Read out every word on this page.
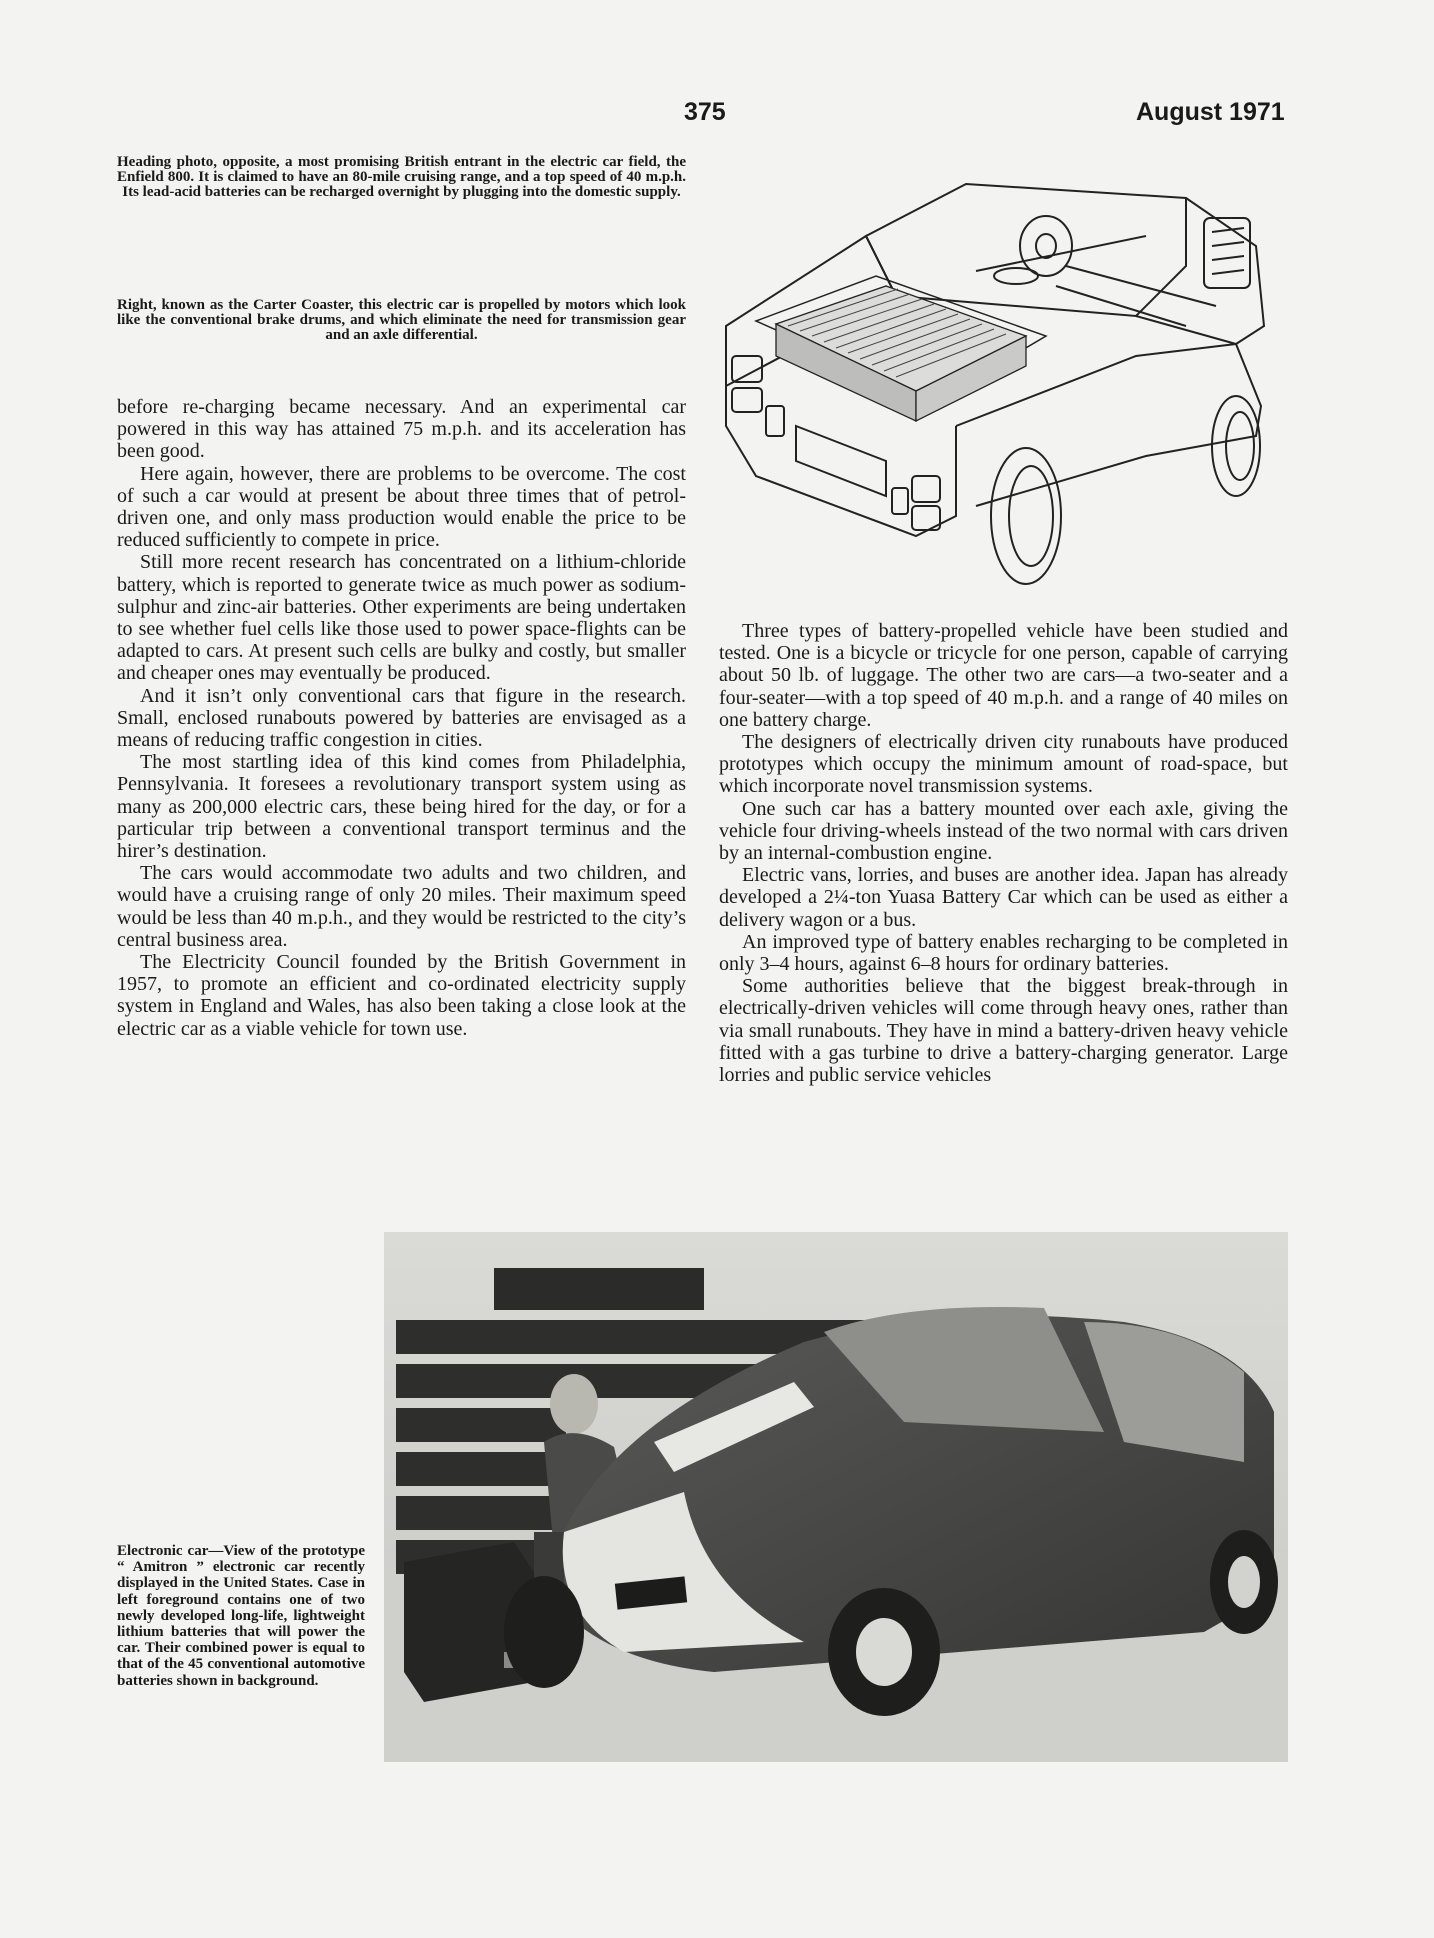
375	August 1971
Heading photo, opposite, a most promising British entrant in the electric car field, the Enfield 800. It is claimed to have an 80-mile cruising range, and a top speed of 40 m.p.h. Its lead-acid batteries can be recharged overnight by plugging into the domestic supply.
Right, known as the Carter Coaster, this electric car is propelled by motors which look like the conventional brake drums, and which eliminate the need for transmission gear and an axle differential.

before re-charging became necessary. And an experimental car powered in this way has attained 75 m.p.h. and its acceleration has been good.

Here again, however, there are problems to be overcome. The cost of such a car would at present be about three times that of petrol-driven one, and only mass production would enable the price to be reduced sufficiently to compete in price.

Still more recent research has concentrated on a lithium-chloride battery, which is reported to generate twice as much power as sodium-sulphur and zinc-air batteries. Other experiments are being undertaken to see whether fuel cells like those used to power space-flights can be adapted to cars. At present such cells are bulky and costly, but smaller and cheaper ones may eventually be produced.

And it isn’t only conventional cars that figure in the research. Small, enclosed runabouts powered by batteries are envisaged as a means of reducing traffic congestion in cities.

The most startling idea of this kind comes from Philadelphia, Pennsylvania. It foresees a revolutionary transport system using as many as 200,000 electric cars, these being hired for the day, or for a particular trip between a conventional transport terminus and the hirer’s destination.

The cars would accommodate two adults and two children, and would have a cruising range of only 20 miles. Their maximum speed would be less than 40 m.p.h., and they would be restricted to the city’s central business area.

The Electricity Council founded by the British Government in 1957, to promote an efficient and co-ordinated electricity supply system in England and Wales, has also been taking a close look at the electric car as a viable vehicle for town use.

Three types of battery-propelled vehicle have been studied and tested. One is a bicycle or tricycle for one person, capable of carrying about 50 lb. of luggage. The other two are cars—a two-seater and a four-seater—with a top speed of 40 m.p.h. and a range of 40 miles on one battery charge.

The designers of electrically driven city runabouts have produced prototypes which occupy the minimum amount of road-space, but which incorporate novel transmission systems.

One such car has a battery mounted over each axle, giving the vehicle four driving-wheels instead of the two normal with cars driven by an internal-combustion engine.

Electric vans, lorries, and buses are another idea. Japan has already developed a 2¼-ton Yuasa Battery Car which can be used as either a delivery wagon or a bus.

An improved type of battery enables recharging to be completed in only 3–4 hours, against 6–8 hours for ordinary batteries.

Some authorities believe that the biggest break-through in electrically-driven vehicles will come through heavy ones, rather than via small runabouts. They have in mind a battery-driven heavy vehicle fitted with a gas turbine to drive a battery-charging generator. Large lorries and public service vehicles

Electronic car—View of the prototype “ Amitron ” electronic car recently displayed in the United States. Case in left foreground contains one of two newly developed long-life, lightweight lithium batteries that will power the car. Their combined power is equal to that of the 45 conventional automotive batteries shown in background.
